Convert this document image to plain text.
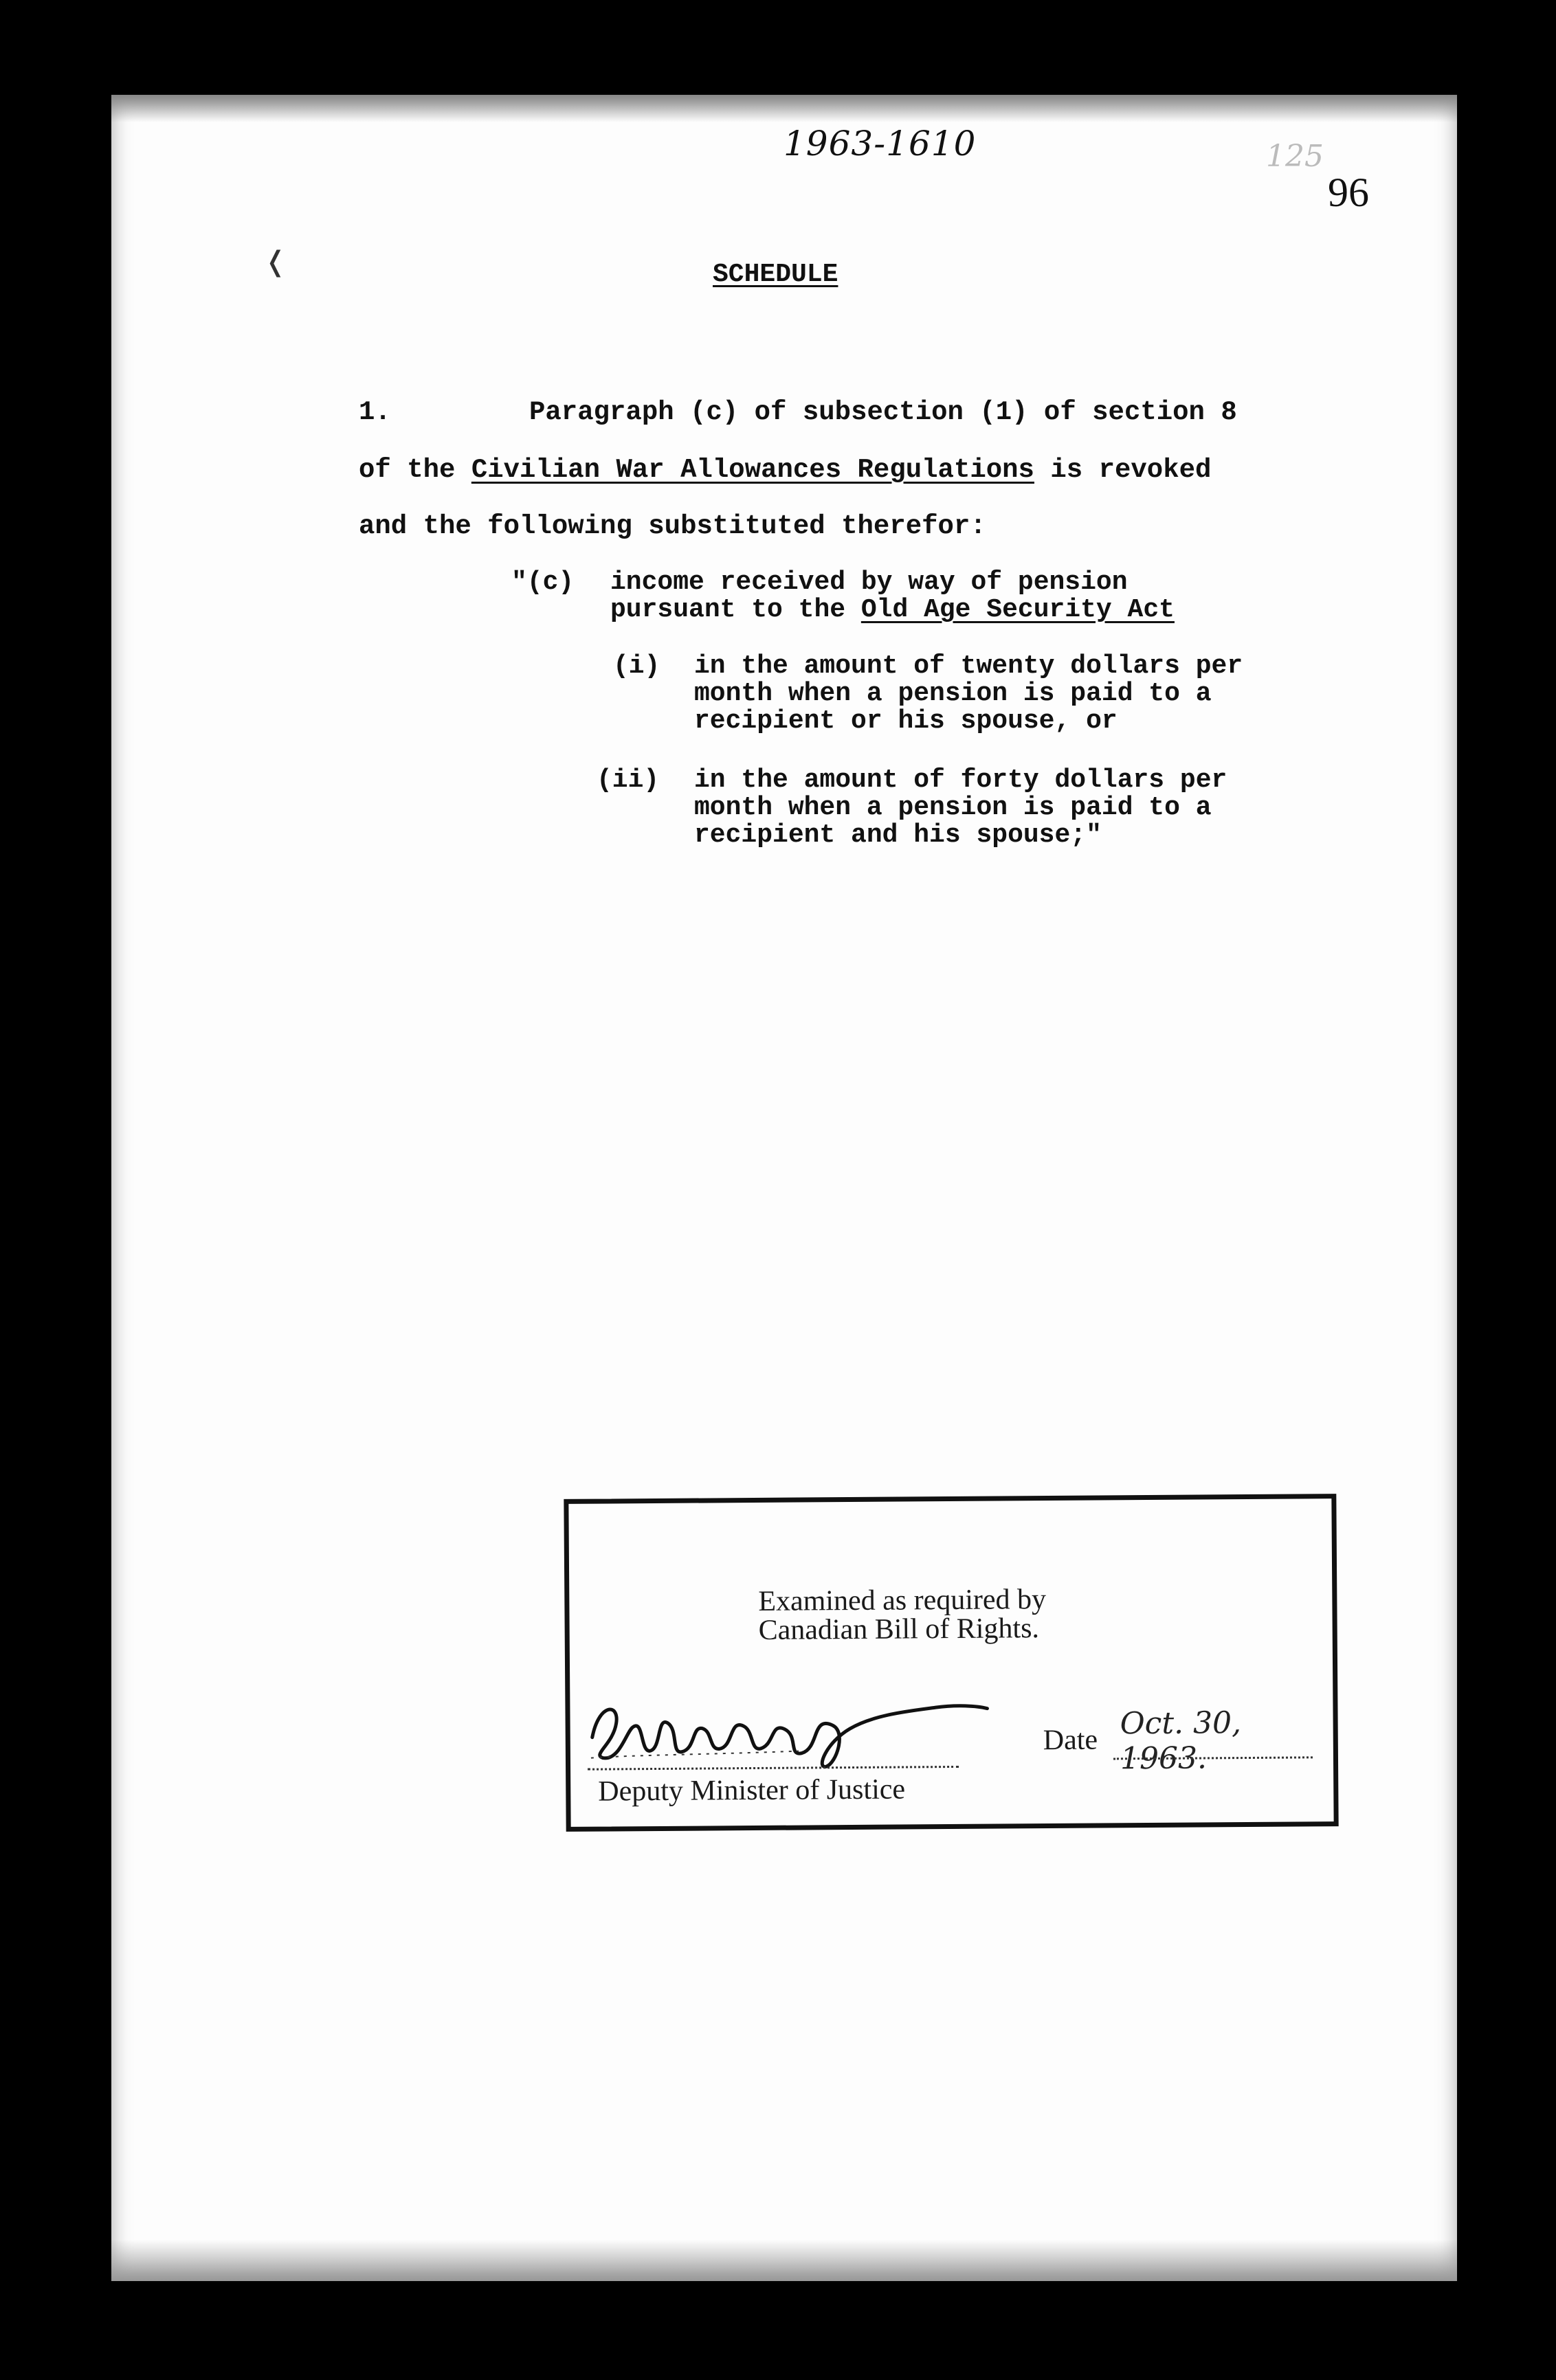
❬
1963-1610	125
96
SCHEDULE
1.	Paragraph (c) of subsection (1) of section 8
of the Civilian War Allowances Regulations is revoked
and the following substituted therefor:
"(c) income received by way of pension
pursuant to the Old Age Security Act
(i) in the amount of twenty dollars per
month when a pension is paid to a
recipient or his spouse, or
(ii) in the amount of forty dollars per
month when a pension is paid to a
recipient and his spouse;"
Examined as required by
Canadian Bill of Rights.
Deputy Minister of Justice
Date Oct. 30, 1963.
